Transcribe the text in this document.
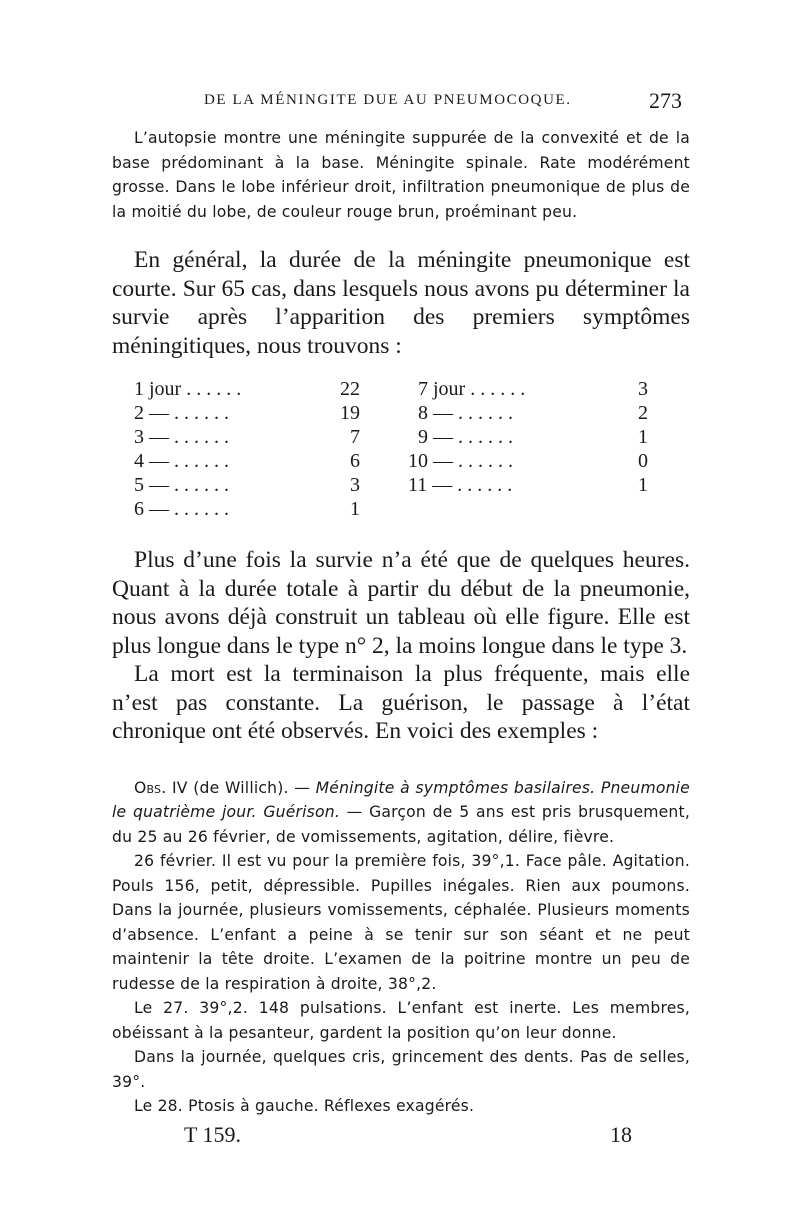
DE LA MÉNINGITE DUE AU PNEUMOCOQUE.	273

L’autopsie montre une méningite suppurée de la convexité et de la base prédominant à la base. Méningite spinale. Rate modérément grosse. Dans le lobe inférieur droit, infiltration pneumonique de plus de la moitié du lobe, de couleur rouge brun, proéminant peu.

En général, la durée de la méningite pneumonique est courte. Sur 65 cas, dans lesquels nous avons pu déterminer la survie après l’apparition des premiers symptômes méningitiques, nous trouvons :

1 jour . . . . . .	22	7 jour . . . . . .	3
2 — . . . . . .	19	8 — . . . . . .	2
3 — . . . . . .	7	9 — . . . . . .	1
4 — . . . . . .	6 10 — . . . . . .	0
5 — . . . . . .	3 11 — . . . . . .	1
6 — . . . . . .	1

Plus d’une fois la survie n’a été que de quelques heures. Quant à la durée totale à partir du début de la pneumonie, nous avons déjà construit un tableau où elle figure. Elle est plus longue dans le type n° 2, la moins longue dans le type 3.

La mort est la terminaison la plus fréquente, mais elle n’est pas constante. La guérison, le passage à l’état chronique ont été observés. En voici des exemples :

Obs. IV (de Willich). — Méningite à symptômes basilaires. Pneumonie le quatrième jour. Guérison. — Garçon de 5 ans est pris brusquement, du 25 au 26 février, de vomissements, agitation, délire, fièvre.

26 février. Il est vu pour la première fois, 39°,1. Face pâle. Agitation. Pouls 156, petit, dépressible. Pupilles inégales. Rien aux poumons. Dans la journée, plusieurs vomissements, céphalée. Plusieurs moments d’absence. L’enfant a peine à se tenir sur son séant et ne peut maintenir la tête droite. L’examen de la poitrine montre un peu de rudesse de la respiration à droite, 38°,2.

Le 27. 39°,2. 148 pulsations. L’enfant est inerte. Les membres, obéissant à la pesanteur, gardent la position qu’on leur donne.

Dans la journée, quelques cris, grincement des dents. Pas de selles, 39°.

Le 28. Ptosis à gauche. Réflexes exagérés.

T 159.	18
